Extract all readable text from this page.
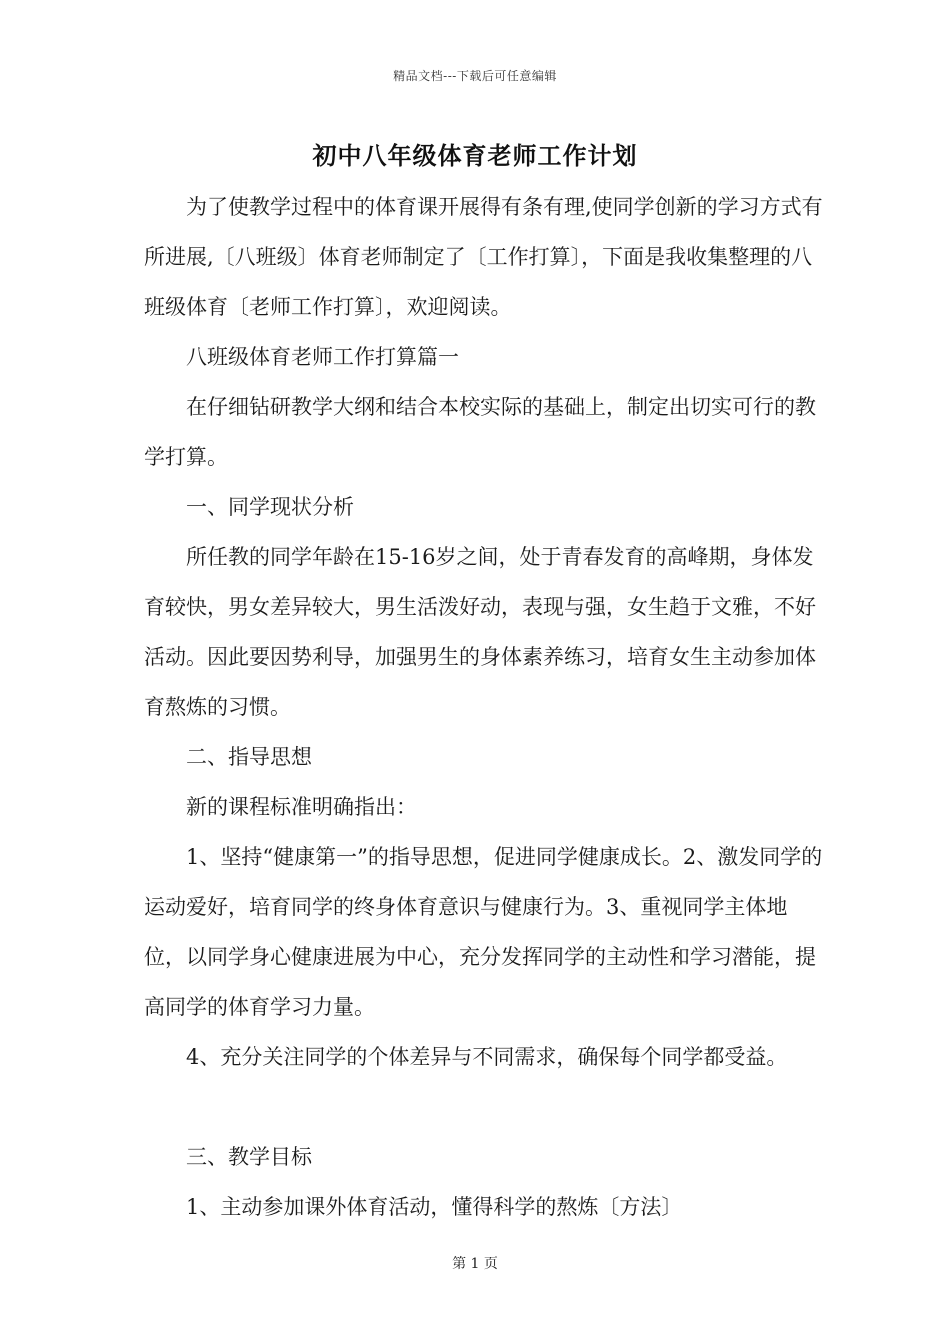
精品文档---下载后可任意编辑
初中八年级体育老师工作计划

为了使教学过程中的体育课开展得有条有理,使同学创新的学习方式有所进展,〔八班级〕体育老师制定了〔工作打算〕，下面是我收集整理的八班级体育〔老师工作打算〕，欢迎阅读。

八班级体育老师工作打算篇一

在仔细钻研教学大纲和结合本校实际的基础上，制定出切实可行的教学打算。

一、同学现状分析

所任教的同学年龄在15-16岁之间，处于青春发育的高峰期，身体发育较快，男女差异较大，男生活泼好动，表现与强，女生趋于文雅，不好活动。因此要因势利导，加强男生的身体素养练习，培育女生主动参加体育熬炼的习惯。

二、指导思想

新的课程标准明确指出：

1、坚持“健康第一”的指导思想，促进同学健康成长。2、激发同学的运动爱好，培育同学的终身体育意识与健康行为。3、重视同学主体地位，以同学身心健康进展为中心，充分发挥同学的主动性和学习潜能，提高同学的体育学习力量。

4、充分关注同学的个体差异与不同需求，确保每个同学都受益。

三、教学目标

1、主动参加课外体育活动，懂得科学的熬炼〔方法〕

第 1 页
